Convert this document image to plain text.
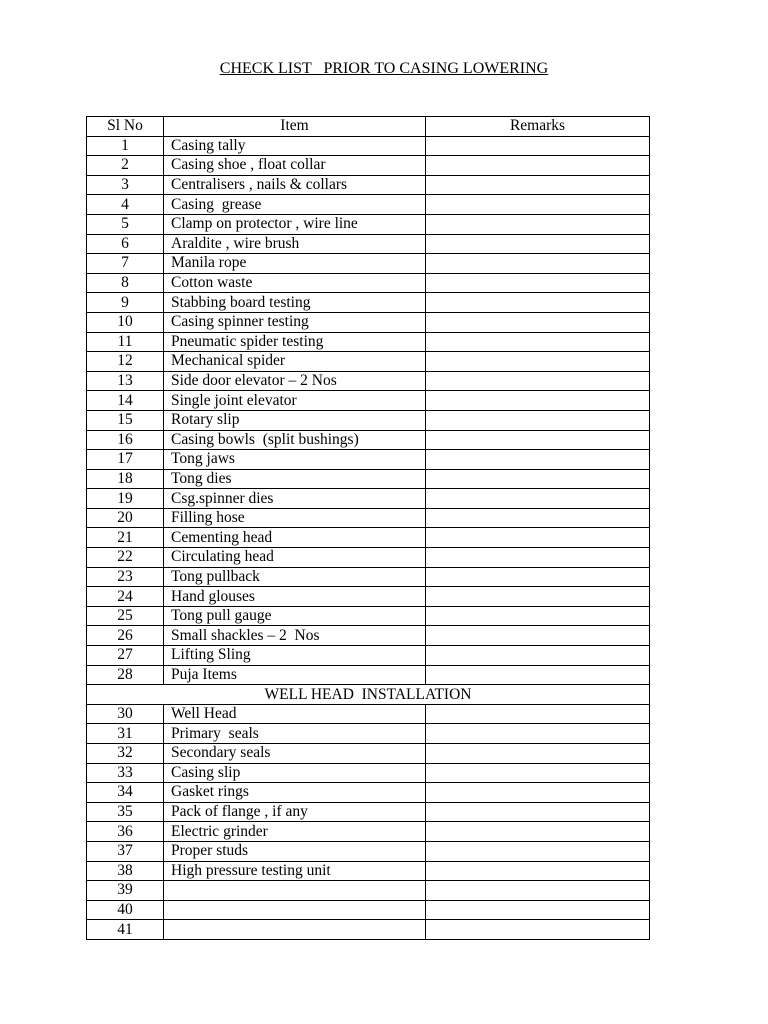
CHECK LIST   PRIOR TO CASING LOWERING
Sl No	Item	Remarks
1	Casing tally	
2	Casing shoe , float collar	
3	Centralisers , nails & collars	
4	Casing  grease	
5	Clamp on protector , wire line	
6	Araldite , wire brush	
7	Manila rope	
8	Cotton waste	
9	Stabbing board testing	
10	Casing spinner testing	
11	Pneumatic spider testing	
12	Mechanical spider	
13	Side door elevator – 2 Nos	
14	Single joint elevator	
15	Rotary slip	
16	Casing bowls  (split bushings)	
17	Tong jaws	
18	Tong dies	
19	Csg.spinner dies	
20	Filling hose	
21	Cementing head	
22	Circulating head	
23	Tong pullback	
24	Hand glouses	
25	Tong pull gauge	
26	Small shackles – 2  Nos	
27	Lifting Sling	
28	Puja Items	
WELL HEAD  INSTALLATION		
30	Well Head	
31	Primary  seals	
32	Secondary seals	
33	Casing slip	
34	Gasket rings	
35	Pack of flange , if any	
36	Electric grinder	
37	Proper studs	
38	High pressure testing unit	
39		
40		
41		
